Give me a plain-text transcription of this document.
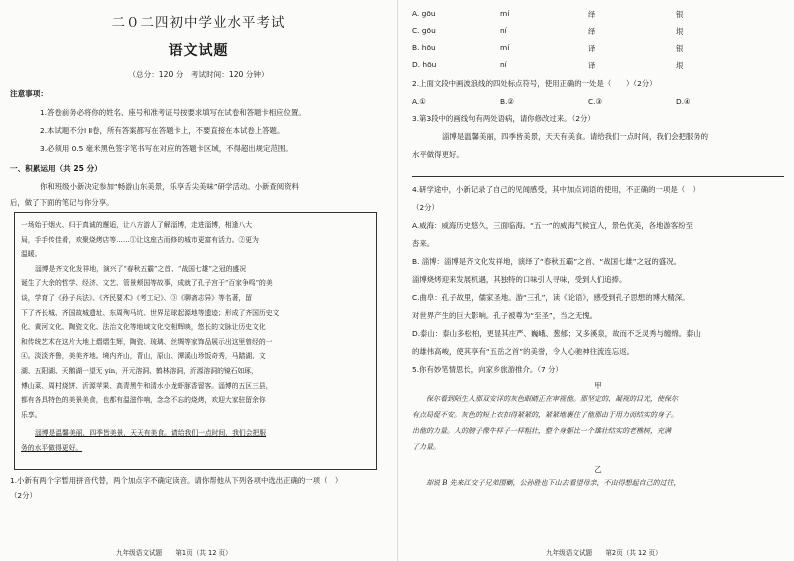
二０二四初中学业水平考试
语文试题
（总分：120 分　考试时间：120 分钟）
注意事项：
1.答卷前务必将你的姓名、座号和准考证号按要求填写在试卷和答题卡相应位置。
2.本试题不分Ⅰ Ⅱ卷，所有答案都写在答题卡上，不要直接在本试卷上答题。
3.必须用 0.5 毫米黑色签字笔书写在对应的答题卡区域，不得超出规定范围。
一、积累运用（共 25 分）
你和班级小新决定参加“畅游山东美景，乐享舌尖美味”研学活动。小新查阅资料
后，做了下面的笔记与你分享。

一场始于烟火、归于真诚的邂逅，让八方游人了解淄博，走进淄博，相逢八大

局，手手传佳肴，欢聚烧烤店等……①让这座古而修的城市更富有活力。②更为

温暖。

淄博是齐文化发祥地，演兴了“春秋五霸”之首、“战国七雄”之冠的盛况

诞生了大余的哲学、经济、文艺、管景颊国等故事，成就了孔子宫于“百家争鸣”的美

谈，学育了《孙子兵法》、《齐民要术》《考工记》、③《聊斋志异》等名著，留

下了齐长城、齐国故城遗址、东周殉马坑、世界足球起源地等遗迹；形成了齐国历史文

化、黄河文化、陶瓷文化、法治文化等地域文化交相辉映，悠长的文脉让历史文化

和传统艺术在这片大地上熠熠生辉，陶瓷、琉璃、丝绸等家饰品展示出这里曾经的一

④。淡淡齐鲁，美美齐地。境内齐山，青山，原山、潭溪山珍饭奇秀，马踏湖、文

湖、五阳湖、天鹅湖一望无 yín，开元溶洞、鹤林溶洞，沂源溶洞的镜石如琢，

博山菜、周村烧饼、沂源苹果、高青黑牛和清水小龙虾豚香留客。淄博的五区三县，

都有各具特色的美景美食，也都有温滋作响，念念不忘的烧烤，欢迎大家驻留余你

乐享。

淄博是温馨美丽，四季皆美景，天天有美食。请给我们一点时间，我们会把服

务的水平做得更好。

1.小新有两个字暂用拼音代替，两个加点字不确定读音。请你帮他从下列各项中选出正确的一项（　）
（2分）
九年级语文试题　　第1页（共 12 页）
A. gōu	mí	绎	银
C. gōu	ní	绎	垠
B. hōu	mí	译	银
D. hōu	ní	译	垠
2.上面文段中画波浪线的四处标点符号，使用正确的一处是（　　）（2分）
A.①	B.②	C.③	D.④
3.第3段中的画线句有两处语病，请你修改过来。（2分）
淄博是温馨美丽，四季皆美景，天天有美食。请给我们一点时间，我们会把服务的
水平做得更好。
4.研学途中，小新记录了自己的见闻感受，其中加点词语的使用，不正确的一项是（　）
（2分）
A.威海：威海历史悠久，三面临海。“五一”的威海气候宜人，景色优美，各地游客纷至
沓来。
B. 淄博：淄博是齐文化发祥地，演绎了“春秋五霸”之首、“战国七雄”之冠的盛况。
淄博烧烤迎来发展机遇，其独特的口味引人寻味，受到人们追捧。
C.曲阜：孔子故里，儒家圣地。游“三孔”，读《论语》，感受到孔子思想的博大精深。
对世界产生的巨大影响。孔子被尊为“至圣”，当之无愧。
D.泰山：泰山多松柏，更显其庄严、巍峨、葱郁；又多溪泉，故而不乏灵秀与缠绵。泰山
的雄伟高峻，使其享有“五岳之首”的美誉，令人心驰神往流连忘返。
5.你有妙笔情思长，向家乡旅游推介。（7 分）
甲

保尔看到陌生人那双安详的灰色眼睛正在审视他。那坚定的、凝视的目光，使保尔

有点局促不安。灰色的短上衣扣得紧紧的，紧紧地裹住了他那由于用力而结实的身子。

出他的力量。人的膀子像牛样子一样粗壮，整个身躯比一个雄壮结实的老樵树，充满

了力量。

乙

却说 B 先来江交子兄弟围剿，公孙胜也下山去看望母亲，不由得想起自己的过往，

九年级语文试题　　第2页（共 12 页）
